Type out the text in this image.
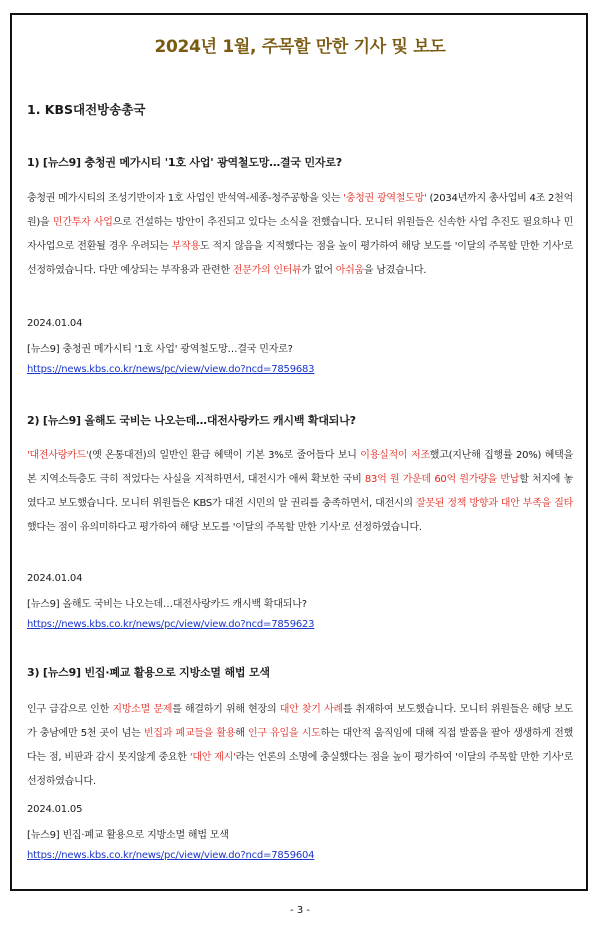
2024년 1월, 주목할 만한 기사 및 보도
1. KBS대전방송총국
1) [뉴스9] 충청권 메가시티 '1호 사업' 광역철도망…결국 민자로?
충청권 메가시티의 조성기반이자 1호 사업인 반석역-세종-청주공항을 잇는 '충청권 광역철도망' (2034년까지 총사업비 4조 2천억 원)을 민간투자 사업으로 건설하는 방안이 추진되고 있다는 소식을 전했습니다. 모니터 위원들은 신속한 사업 추진도 필요하나 민자사업으로 전환될 경우 우려되는 부작용도 적지 않음을 지적했다는 점을 높이 평가하여 해당 보도를 '이달의 주목할 만한 기사'로 선정하였습니다. 다만 예상되는 부작용과 관련한 전문가의 인터뷰가 없어 아쉬움을 남겼습니다.
2024.01.04
[뉴스9] 충청권 메가시티 '1호 사업' 광역철도망…결국 민자로?
https://news.kbs.co.kr/news/pc/view/view.do?ncd=7859683
2) [뉴스9] 올해도 국비는 나오는데…대전사랑카드 캐시백 확대되나?
'대전사랑카드'(옛 온통대전)의 일반인 환급 혜택이 기본 3%로 줄어들다 보니 이용실적이 저조했고(지난해 집행률 20%) 혜택을 본 지역소득층도 극히 적었다는 사실을 지적하면서, 대전시가 애써 확보한 국비 83억 원 가운데 60억 원가량을 반납할 처지에 놓였다고 보도했습니다. 모니터 위원들은 KBS가 대전 시민의 알 권리를 충족하면서, 대전시의 잘못된 정책 방향과 대안 부족을 질타했다는 점이 유의미하다고 평가하여 해당 보도를 '이달의 주목할 만한 기사'로 선정하였습니다.
2024.01.04
[뉴스9] 올해도 국비는 나오는데…대전사랑카드 캐시백 확대되나?
https://news.kbs.co.kr/news/pc/view/view.do?ncd=7859623
3) [뉴스9] 빈집·폐교 활용으로 지방소멸 해법 모색
인구 급감으로 인한 지방소멸 문제를 해결하기 위해 현장의 대안 찾기 사례를 취재하여 보도했습니다. 모니터 위원들은 해당 보도가 충남에만 5천 곳이 넘는 빈집과 폐교들을 활용해 인구 유입을 시도하는 대안적 움직임에 대해 직접 발품을 팔아 생생하게 전했다는 점, 비판과 감시 못지않게 중요한 '대안 제시'라는 언론의 소명에 충실했다는 점을 높이 평가하여 '이달의 주목할 만한 기사'로 선정하였습니다.
2024.01.05
[뉴스9] 빈집·폐교 활용으로 지방소멸 해법 모색
https://news.kbs.co.kr/news/pc/view/view.do?ncd=7859604
- 3 -
